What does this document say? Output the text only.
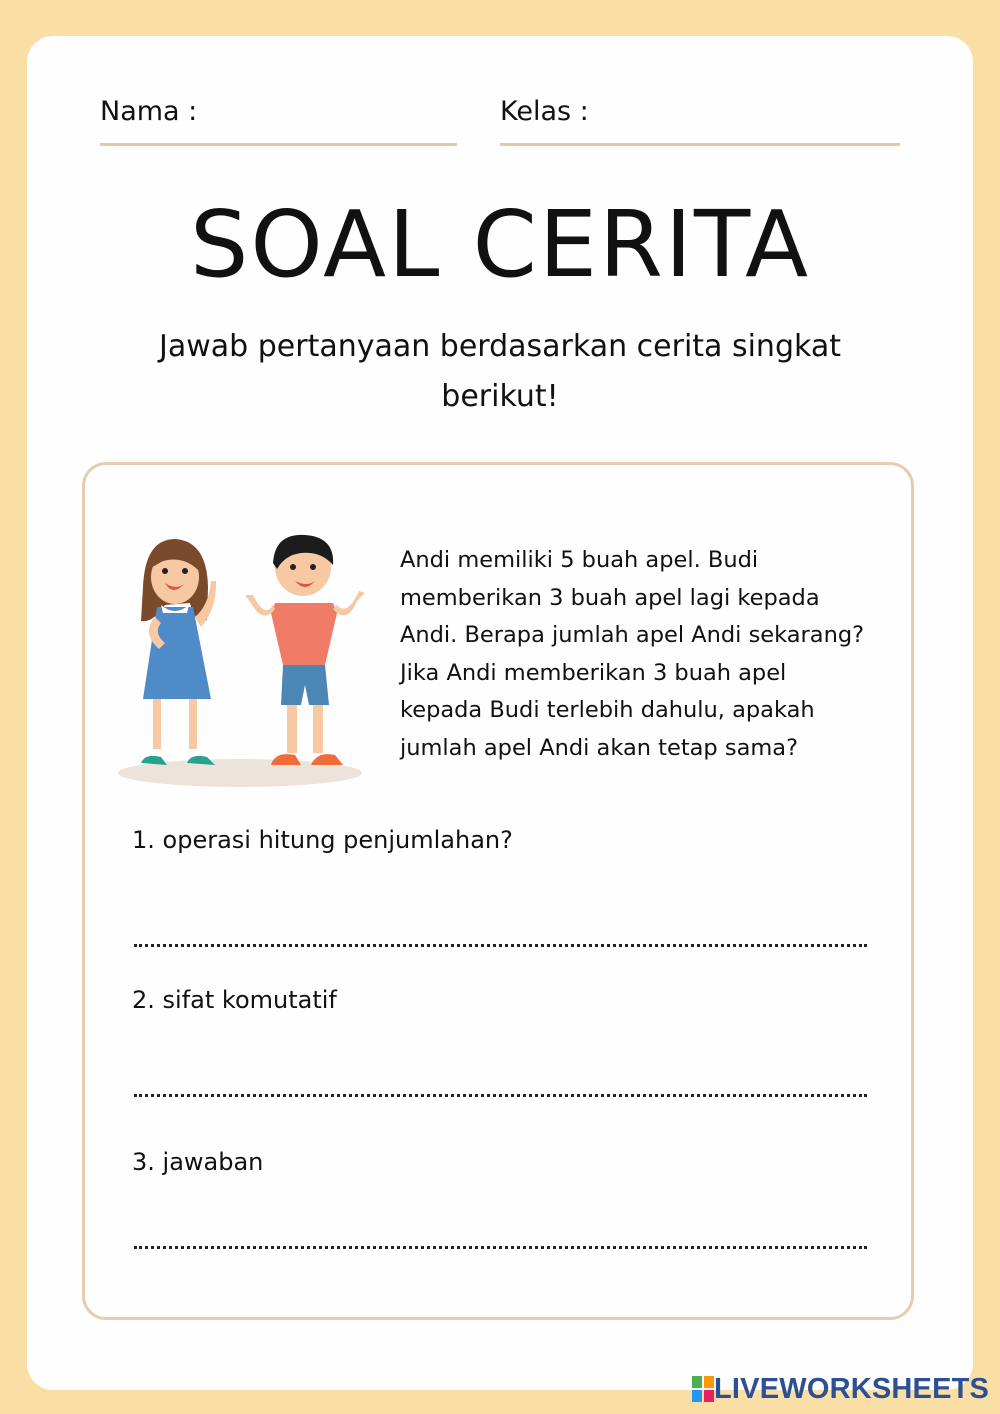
Nama :	Kelas :
SOAL CERITA
Jawab pertanyaan berdasarkan cerita singkat berikut!
Andi memiliki 5 buah apel. Budi
memberikan 3 buah apel lagi kepada
Andi. Berapa jumlah apel Andi sekarang?
Jika Andi memberikan 3 buah apel
kepada Budi terlebih dahulu, apakah
jumlah apel Andi akan tetap sama?
1. operasi hitung penjumlahan?
2. sifat komutatif
3. jawaban
LIVEWORKSHEETS
